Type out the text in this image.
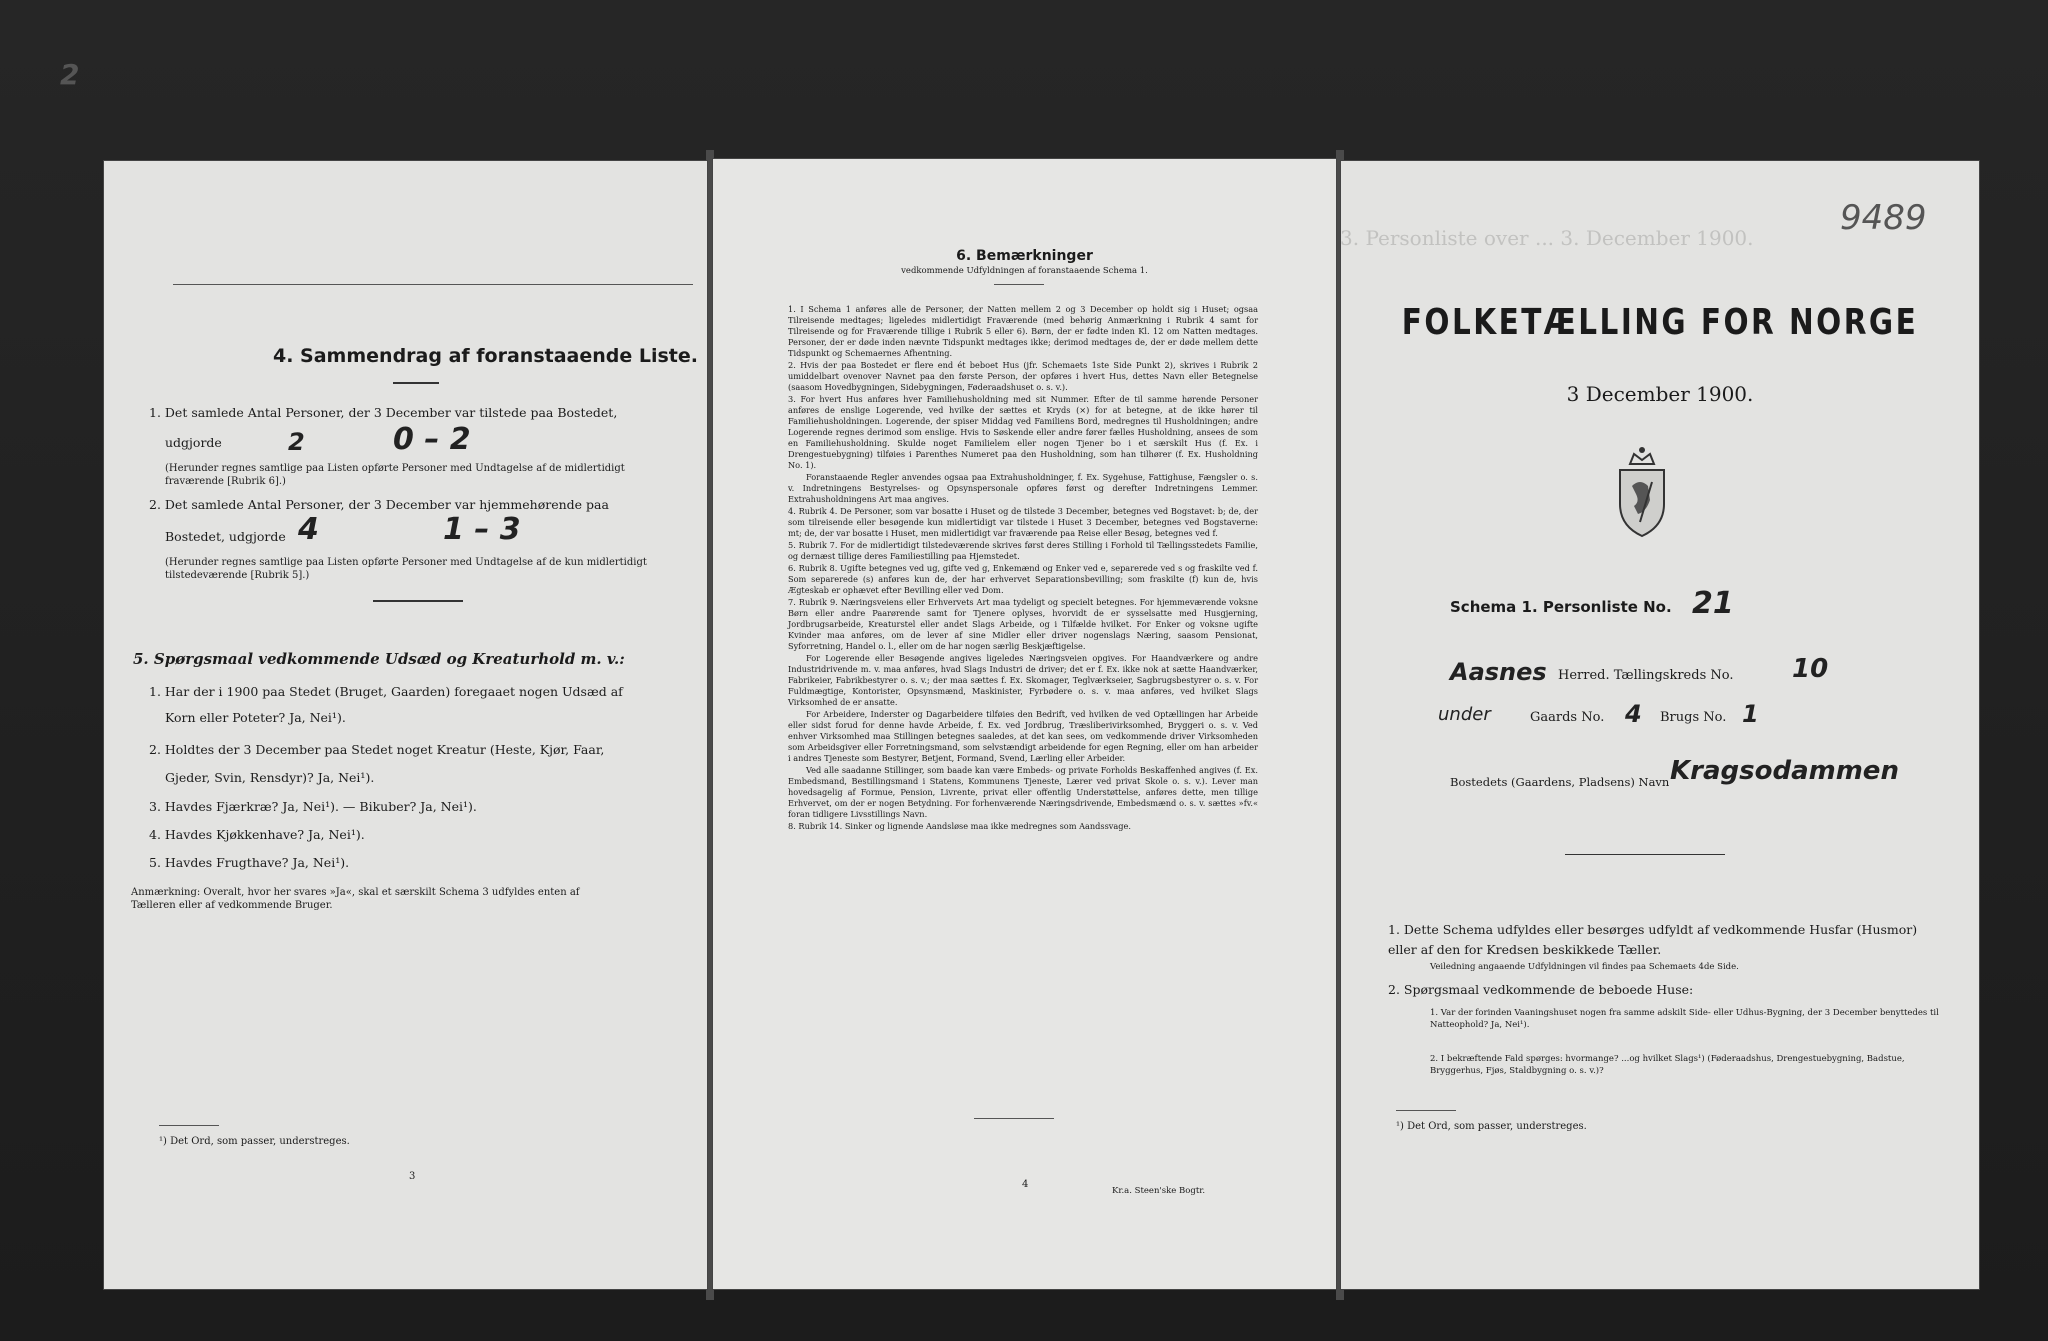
2
4. Sammendrag af foranstaaende Liste.
1. Det samlede Antal Personer, der 3 December var tilstede paa Bostedet,
udgjorde	2	0 – 2
(Herunder regnes samtlige paa Listen opførte Personer med Undtagelse af de midlertidigt fraværende [Rubrik 6].)
2. Det samlede Antal Personer, der 3 December var hjemmehørende paa
Bostedet, udgjorde 4	1 – 3
(Herunder regnes samtlige paa Listen opførte Personer med Undtagelse af de kun midlertidigt tilstedeværende [Rubrik 5].)
5. Spørgsmaal vedkommende Udsæd og Kreaturhold m. v.:
1. Har der i 1900 paa Stedet (Bruget, Gaarden) foregaaet nogen Udsæd af
Korn eller Poteter? Ja, Nei¹).
2. Holdtes der 3 December paa Stedet noget Kreatur (Heste, Kjør, Faar,
Gjeder, Svin, Rensdyr)? Ja, Nei¹).
3. Havdes Fjærkræ? Ja, Nei¹). — Bikuber? Ja, Nei¹).
4. Havdes Kjøkkenhave? Ja, Nei¹).
5. Havdes Frugthave? Ja, Nei¹).
Anmærkning: Overalt, hvor her svares »Ja«, skal et særskilt Schema 3 udfyldes enten af Tælleren eller af vedkommende Bruger.
¹) Det Ord, som passer, understreges.
3
6. Bemærkninger
vedkommende Udfyldningen af foranstaaende Schema 1.
1. I Schema 1 anføres alle de Personer, der Natten mellem 2 og 3 December op holdt sig i Huset; ogsaa Tilreisende medtages; ligeledes midlertidigt Fraværende (med behørig Anmærkning i Rubrik 4 samt for Tilreisende og for Fraværende tillige i Rubrik 5 eller 6). Børn, der er fødte inden Kl. 12 om Natten medtages. Personer, der er døde inden nævnte Tidspunkt medtages ikke; derimod medtages de, der er døde mellem dette Tidspunkt og Schemaernes Afhentning.
2. Hvis der paa Bostedet er flere end ét beboet Hus (jfr. Schemaets 1ste Side Punkt 2), skrives i Rubrik 2 umiddelbart ovenover Navnet paa den første Person, der opføres i hvert Hus, dettes Navn eller Betegnelse (saasom Hovedbygningen, Sidebygningen, Føderaadshuset o. s. v.).
3. For hvert Hus anføres hver Familiehusholdning med sit Nummer. Efter de til samme hørende Personer anføres de enslige Logerende, ved hvilke der sættes et Kryds (×) for at betegne, at de ikke hører til Familiehusholdningen. Logerende, der spiser Middag ved Familiens Bord, medregnes til Husholdningen; andre Logerende regnes derimod som enslige. Hvis to Søskende eller andre fører fælles Husholdning, ansees de som en Familiehusholdning. Skulde noget Familielem eller nogen Tjener bo i et særskilt Hus (f. Ex. i Drengestuebygning) tilføies i Parenthes Numeret paa den Husholdning, som han tilhører (f. Ex. Husholdning No. 1).
Foranstaaende Regler anvendes ogsaa paa Extrahusholdninger, f. Ex. Sygehuse, Fattighuse, Fængsler o. s. v. Indretningens Bestyrelses- og Opsynspersonale opføres først og derefter Indretningens Lemmer. Extrahusholdningens Art maa angives.
4. Rubrik 4. De Personer, som var bosatte i Huset og de tilstede 3 December, betegnes ved Bogstavet: b; de, der som tilreisende eller besøgende kun midlertidigt var tilstede i Huset 3 December, betegnes ved Bogstaverne: mt; de, der var bosatte i Huset, men midlertidigt var fraværende paa Reise eller Besøg, betegnes ved f.
5. Rubrik 7. For de midlertidigt tilstedeværende skrives først deres Stilling i Forhold til Tællingsstedets Familie, og dernæst tillige deres Familiestilling paa Hjemstedet.
6. Rubrik 8. Ugifte betegnes ved ug, gifte ved g, Enkemænd og Enker ved e, separerede ved s og fraskilte ved f. Som separerede (s) anføres kun de, der har erhvervet Separationsbevilling; som fraskilte (f) kun de, hvis Ægteskab er ophævet efter Bevilling eller ved Dom.
7. Rubrik 9. Næringsveiens eller Erhvervets Art maa tydeligt og specielt betegnes. For hjemmeværende voksne Børn eller andre Paarørende samt for Tjenere oplyses, hvorvidt de er sysselsatte med Husgjerning, Jordbrugsarbeide, Kreaturstel eller andet Slags Arbeide, og i Tilfælde hvilket. For Enker og voksne ugifte Kvinder maa anføres, om de lever af sine Midler eller driver nogenslags Næring, saasom Pensionat, Syforretning, Handel o. l., eller om de har nogen særlig Beskjæftigelse.
For Logerende eller Besøgende angives ligeledes Næringsveien opgives. For Haandværkere og andre Industridrivende m. v. maa anføres, hvad Slags Industri de driver; det er f. Ex. ikke nok at sætte Haandværker, Fabrikeier, Fabrikbestyrer o. s. v.; der maa sættes f. Ex. Skomager, Teglværkseier, Sagbrugsbestyrer o. s. v. For Fuldmægtige, Kontorister, Opsynsmænd, Maskinister, Fyrbødere o. s. v. maa anføres, ved hvilket Slags Virksomhed de er ansatte.
For Arbeidere, Inderster og Dagarbeidere tilføies den Bedrift, ved hvilken de ved Optællingen har Arbeide eller sidst forud for denne havde Arbeide, f. Ex. ved Jordbrug, Træsliberivirksomhed, Bryggeri o. s. v. Ved enhver Virksomhed maa Stillingen betegnes saaledes, at det kan sees, om vedkommende driver Virksomheden som Arbeidsgiver eller Forretningsmand, som selvstændigt arbeidende for egen Regning, eller om han arbeider i andres Tjeneste som Bestyrer, Betjent, Formand, Svend, Lærling eller Arbeider.
Ved alle saadanne Stillinger, som baade kan være Embeds- og private Forholds Beskaffenhed angives (f. Ex. Embedsmand, Bestillingsmand i Statens, Kommunens Tjeneste, Lærer ved privat Skole o. s. v.). Lever man hovedsagelig af Formue, Pension, Livrente, privat eller offentlig Understøttelse, anføres dette, men tillige Erhvervet, om der er nogen Betydning. For forhenværende Næringsdrivende, Embedsmænd o. s. v. sættes »fv.« foran tidligere Livsstillings Navn.
8. Rubrik 14. Sinker og lignende Aandsløse maa ikke medregnes som Aandssvage.
4
Kr.a. Steen'ske Bogtr.
3. Personliste over ... 3. December 1900.	9489
FOLKETÆLLING FOR NORGE
3 December 1900.
Schema 1. Personliste No. 21
Aasnes Herred. Tællingskreds No. 10
under	Gaards No. 4 Brugs No. 1
Bostedets (Gaardens, Pladsens) Navn Kragsodammen
1. Dette Schema udfyldes eller besørges udfyldt af vedkommende Husfar (Husmor) eller af den for Kredsen beskikkede Tæller.
Veiledning angaaende Udfyldningen vil findes paa Schemaets 4de Side.
2. Spørgsmaal vedkommende de beboede Huse:
1. Var der forinden Vaaningshuset nogen fra samme adskilt Side- eller Udhus-Bygning, der 3 December benyttedes til Natteophold? Ja, Nei¹).
2. I bekræftende Fald spørges: hvormange? ...og hvilket Slags¹) (Føderaadshus, Drengestuebygning, Badstue, Bryggerhus, Fjøs, Staldbygning o. s. v.)?
¹) Det Ord, som passer, understreges.
